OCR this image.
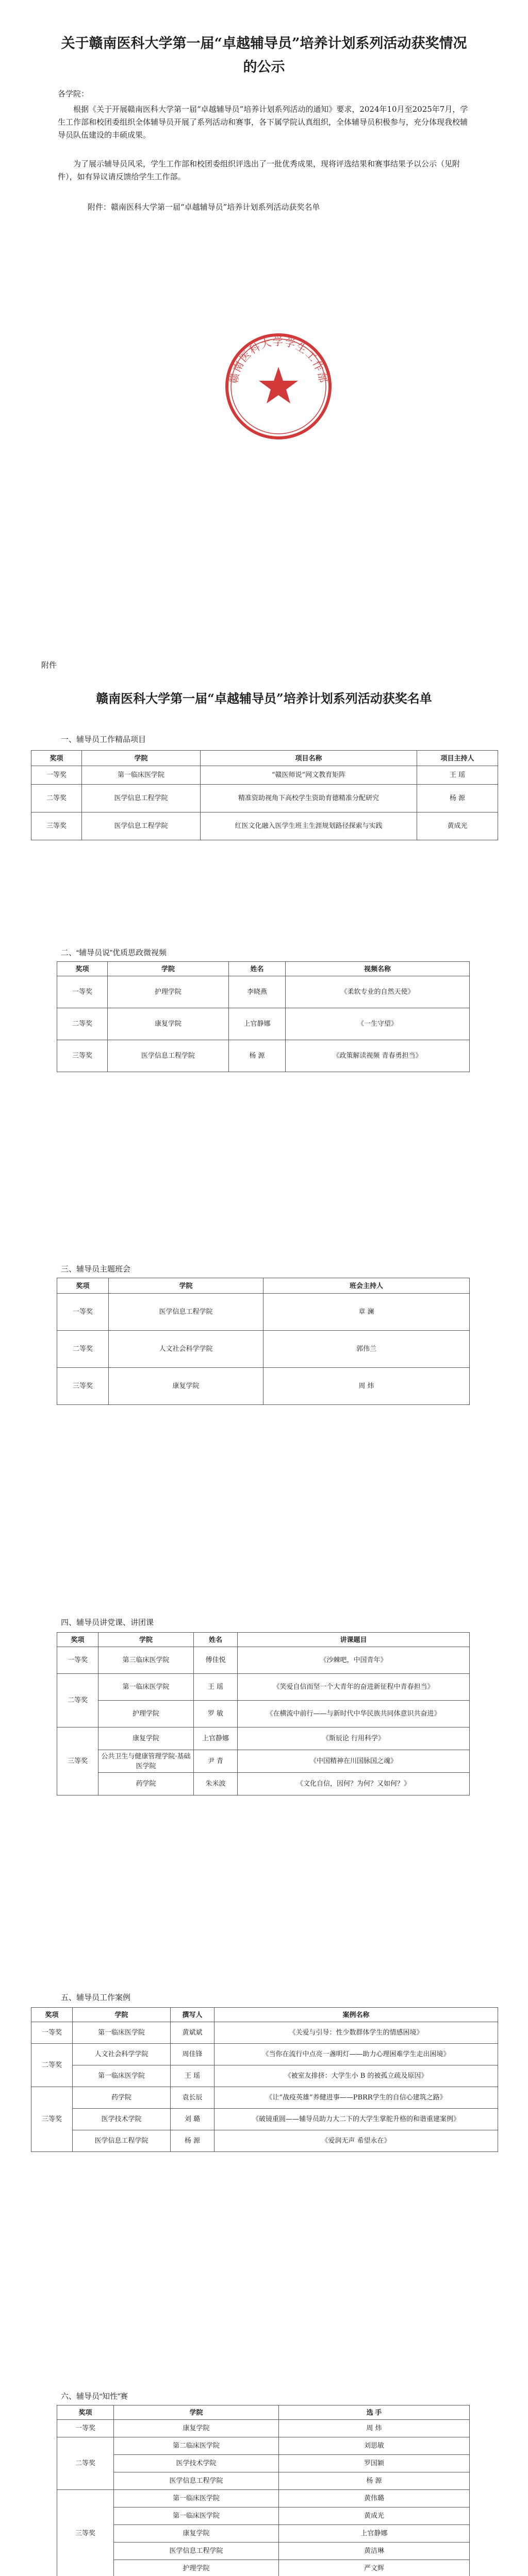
关于赣南医科大学第一届“卓越辅导员”培养计划系列活动获奖情况的公示
各学院：
根据《关于开展赣南医科大学第一届“卓越辅导员”培养计划系列活动的通知》要求，2024年10月至2025年7月，学生工作部和校团委组织全体辅导员开展了系列活动和赛事，各下属学院认真组织，全体辅导员积极参与，充分体现我校辅导员队伍建设的丰硕成果。
为了展示辅导员风采，学生工作部和校团委组织评选出了一批优秀成果，现将评选结果和赛事结果予以公示（见附件），如有异议请反馈给学生工作部。
附件：赣南医科大学第一届“卓越辅导员”培养计划系列活动获奖名单
赣南医科大学学生工作部
附件
赣南医科大学第一届“卓越辅导员”培养计划系列活动获奖名单
一、辅导员工作精品项目
奖项	学院	项目名称	项目主持人
一等奖	第一临床医学院	“赣医师说”网文教育矩阵	王 瑶
二等奖	医学信息工程学院	精准资助视角下高校学生资助育德精准分配研究	杨 源
三等奖	医学信息工程学院	红医文化融入医学生班主生涯规划路径探索与实践	黄成光
二、“辅导员说”优质思政微视频
奖项	学院	姓名	视频名称
一等奖	护理学院	李晓燕	《柔软专业的自然天使》
二等奖	康复学院	上官静娜	《一生守望》
三等奖	医学信息工程学院	杨 源	《政策解读视频 青春勇担当》
三、辅导员主题班会
奖项	学院	班会主持人
一等奖	医学信息工程学院	章 澜
二等奖	人文社会科学学院	郭伟兰
三等奖	康复学院	周 炜
四、辅导员讲党课、讲团课
奖项	学院	姓名	讲课题目
一等奖	第三临床医学院	傅佳悦	《沙棘吧，中国青年》
二等奖	第一临床医学院	王 瑶	《笑爱自信而坚一个大青年的奋进新征程中青春担当》
	护理学院	罗 敏	《在横流中前行——与新时代中华民族共同体意识共奋进》
三等奖	康复学院	上官静娜	《斯辰论 行用科学》
	公共卫生与健康管理学院·基础医学院	尹 青	《中国精神在川国脉国之魂》
	药学院	朱米波	《文化自信，因何？为何？又如何？》
五、辅导员工作案例
奖项	学院	撰写人	案例名称
一等奖	第一临床医学院	黄斌斌	《关爱与引导：性少数群体学生的情感困境》
二等奖	人文社会科学学院	周佳锋	《当你在流行中点亮一盏明灯——助力心理困难学生走出困境》
	第一临床医学院	王 瑶	《被室友排挤：大学生小 B 的被孤立疏及原因》
三等奖	药学院	袁长辰	《让“战疫英雄”养健进事——PBRR学生的自信心建筑之路》
	医学技术学院	刘 璐	《破镜重圆——辅导员助力大二下的大学生掌舵升格的和谐重建案例》
	医学信息工程学院	杨 源	《爱润无声 希望永在》
六、辅导员“知性”赛
奖项	学院	选 手
一等奖	康复学院	周 炜
二等奖	第二临床医学院	刘思敏
	医学技术学院	罗国颖
	医学信息工程学院	杨 源
三等奖	第一临床医学院	黄伟璐
	第一临床医学院	黄成光
	康复学院	上官静娜
	医学信息工程学院	黄洁琳
	护理学院	严文辉
